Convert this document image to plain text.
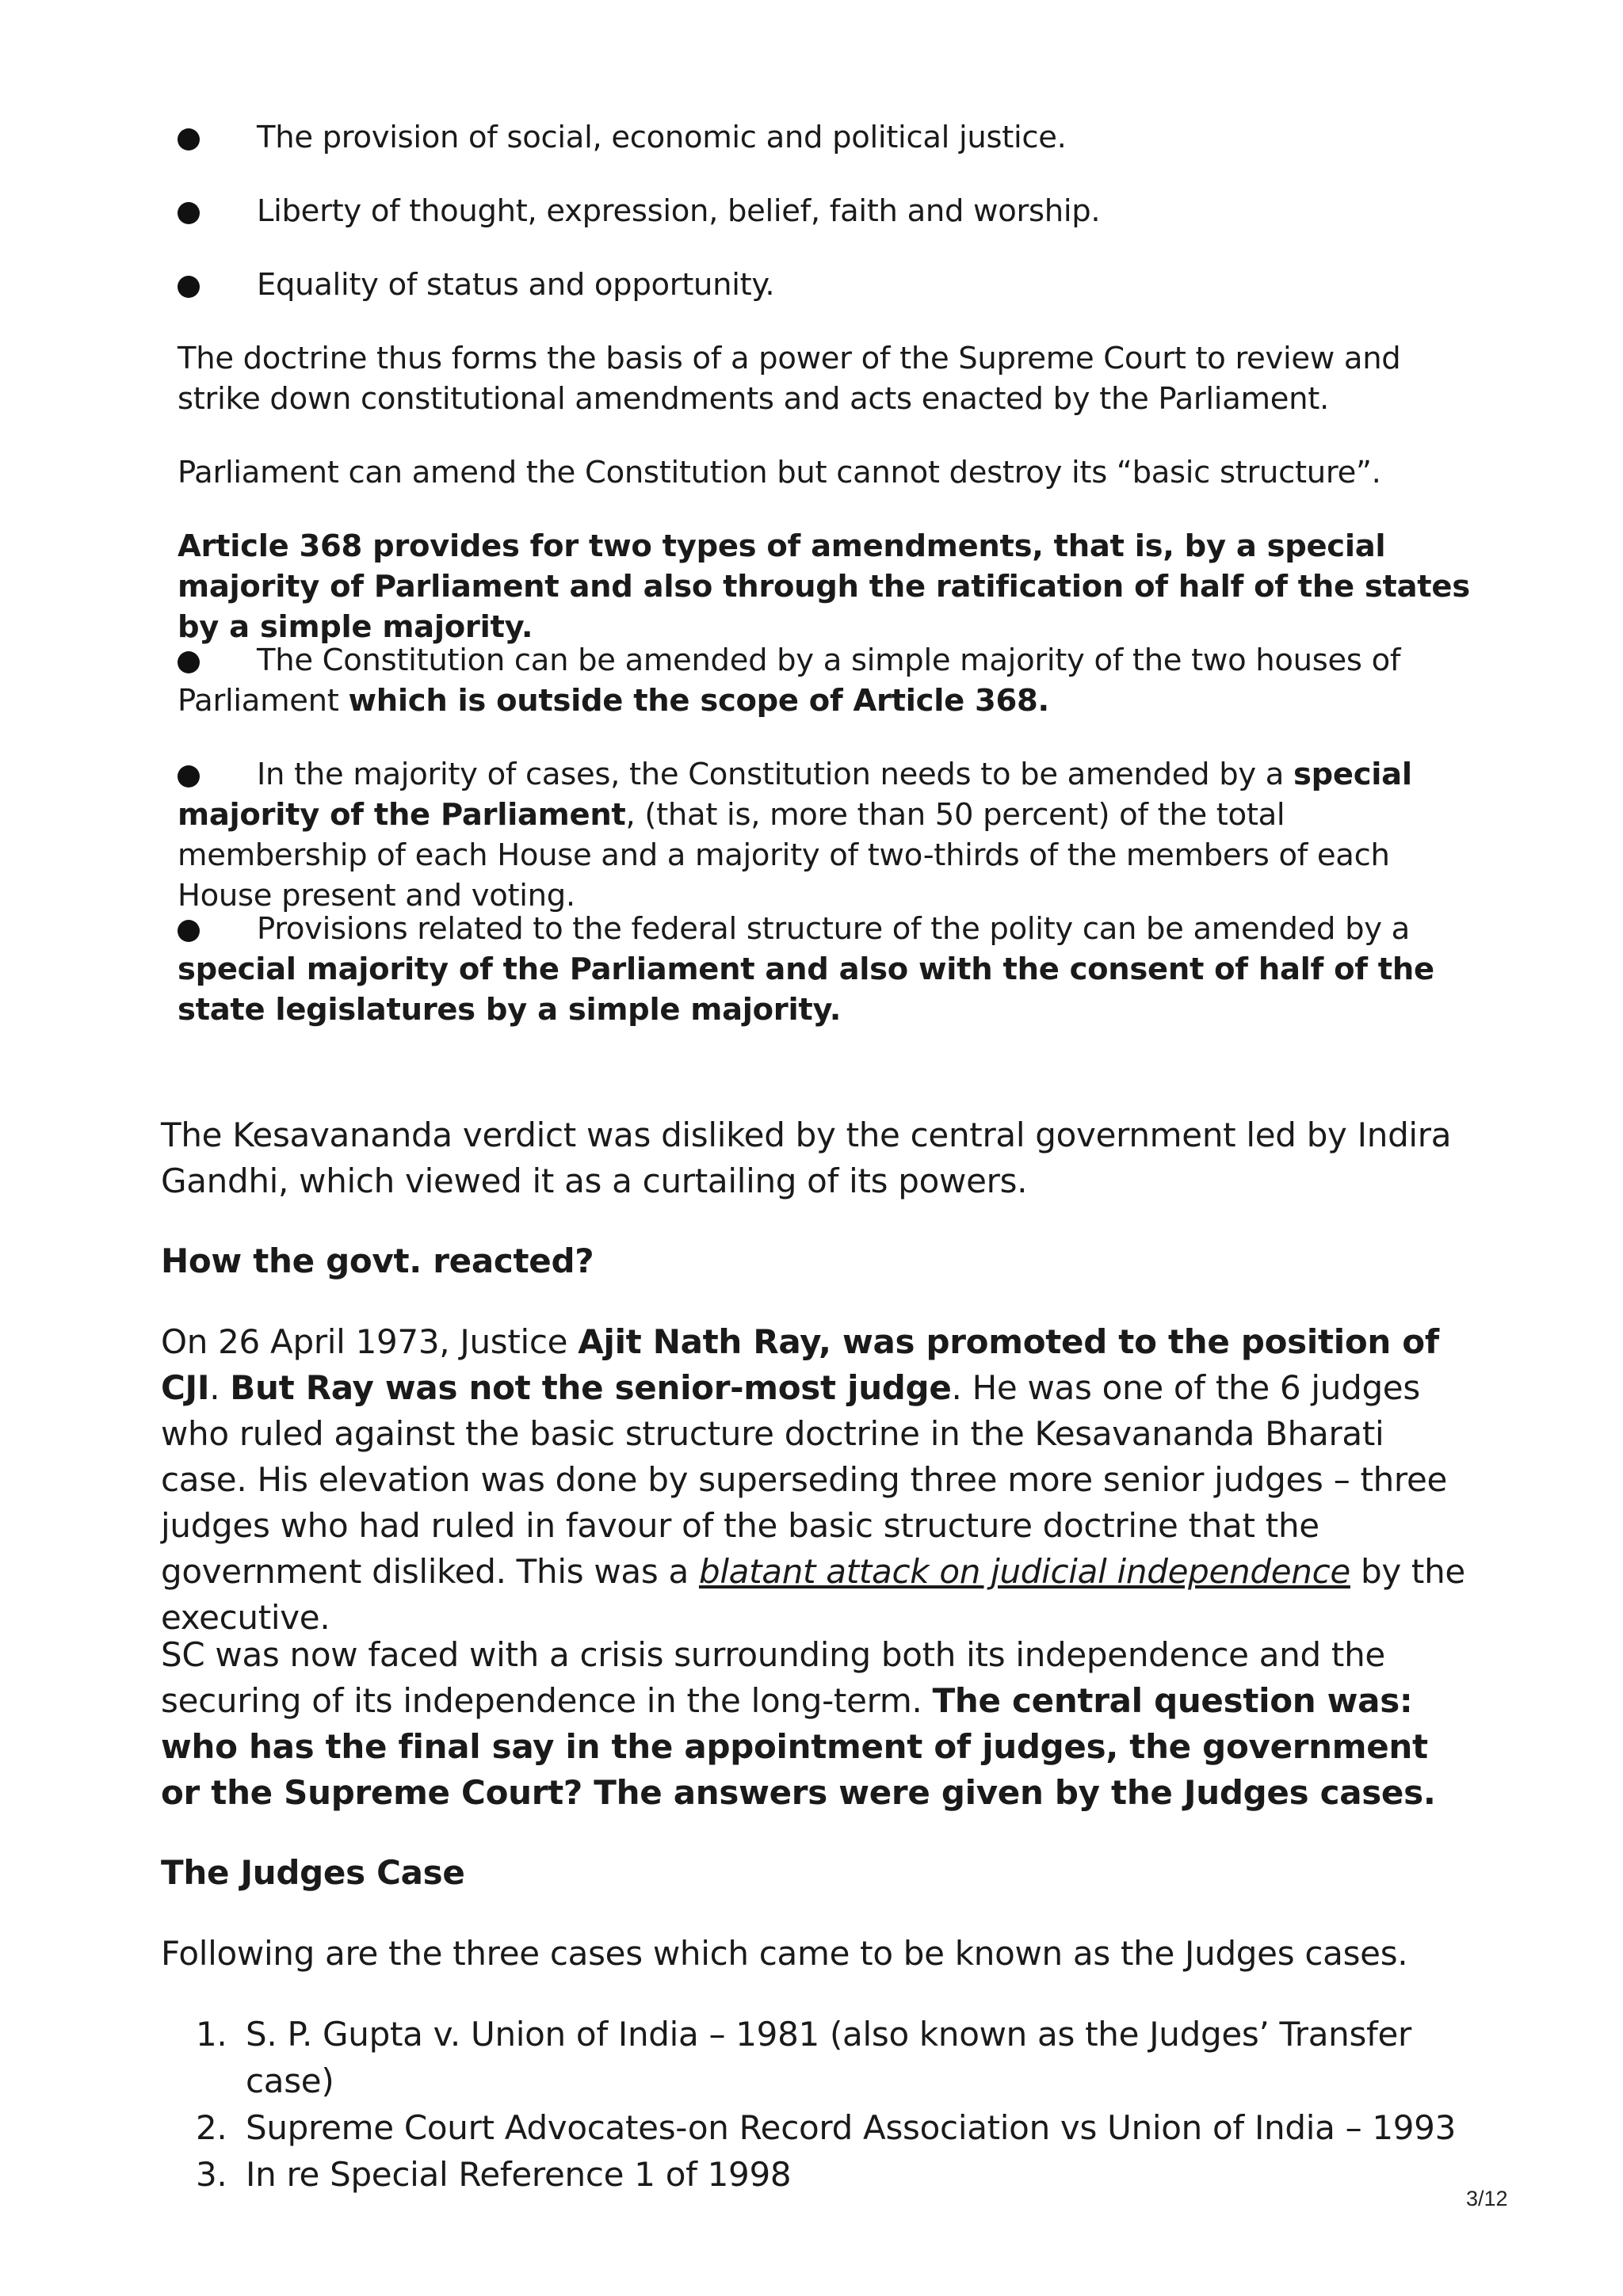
The provision of social, economic and political justice.
Liberty of thought, expression, belief, faith and worship.
Equality of status and opportunity.
The doctrine thus forms the basis of a power of the Supreme Court to review and strike down constitutional amendments and acts enacted by the Parliament.
Parliament can amend the Constitution but cannot destroy its “basic structure”.
Article 368 provides for two types of amendments, that is, by a special majority of Parliament and also through the ratification of half of the states by a simple majority.
The Constitution can be amended by a simple majority of the two houses of Parliament which is outside the scope of Article 368.
In the majority of cases, the Constitution needs to be amended by a special majority of the Parliament, (that is, more than 50 percent) of the total membership of each House and a majority of two-thirds of the members of each House present and voting.
Provisions related to the federal structure of the polity can be amended by a special majority of the Parliament and also with the consent of half of the state legislatures by a simple majority.
The Kesavananda verdict was disliked by the central government led by Indira Gandhi, which viewed it as a curtailing of its powers.
How the govt. reacted?
On 26 April 1973, Justice Ajit Nath Ray, was promoted to the position of CJI. But Ray was not the senior-most judge. He was one of the 6 judges who ruled against the basic structure doctrine in the Kesavananda Bharati case. His elevation was done by superseding three more senior judges – three judges who had ruled in favour of the basic structure doctrine that the government disliked. This was a blatant attack on judicial independence by the executive.
SC was now faced with a crisis surrounding both its independence and the securing of its independence in the long-term. The central question was: who has the final say in the appointment of judges, the government or the Supreme Court? The answers were given by the Judges cases.
The Judges Case
Following are the three cases which came to be known as the Judges cases.
1. S. P. Gupta v. Union of India – 1981 (also known as the Judges’ Transfer case)
2. Supreme Court Advocates-on Record Association vs Union of India – 1993
3. In re Special Reference 1 of 1998
3/12
